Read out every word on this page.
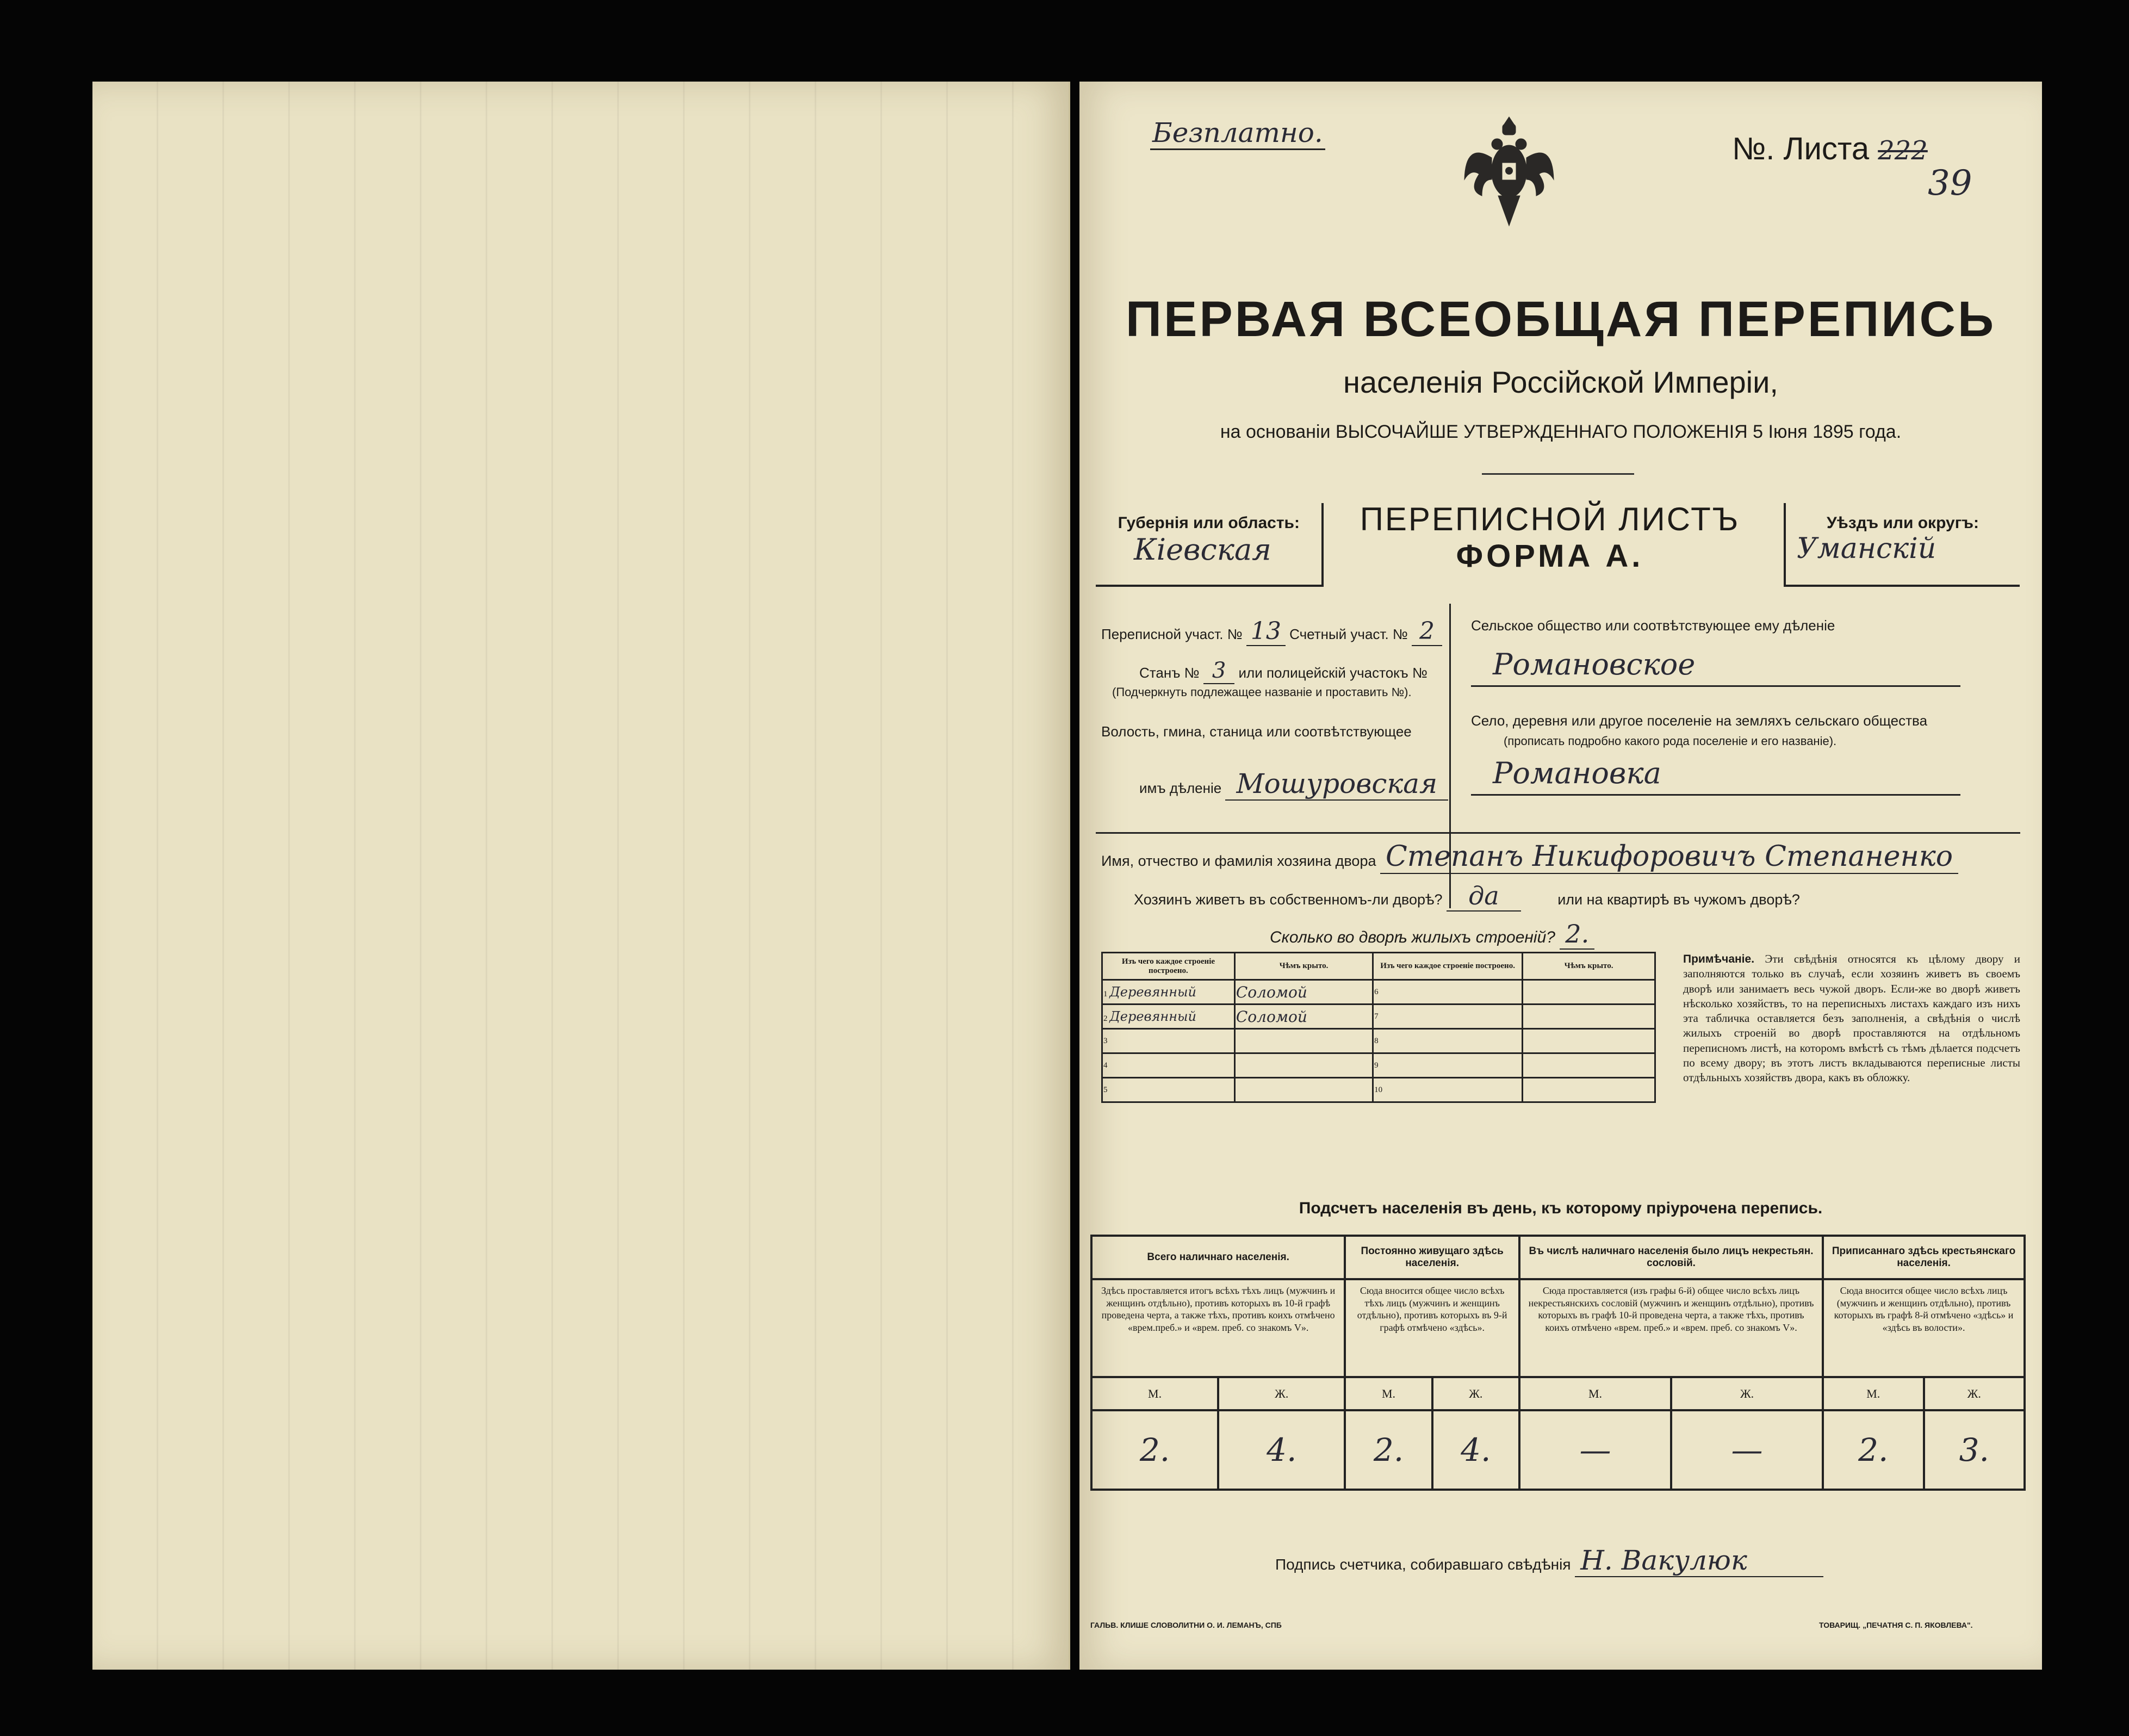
Безплатно.	№. Листа 222
39
ПЕРВАЯ ВСЕОБЩАЯ ПЕРЕПИСЬ
населенія Россійской Имперіи,
на основаніи ВЫСОЧАЙШЕ УТВЕРЖДЕННАГО ПОЛОЖЕНІЯ 5 Іюня 1895 года.
Губернія или область:
Кіевская
ПЕРЕПИСНОЙ ЛИСТЪ
ФОРМА А.
Уѣздъ или округъ:
Уманскій
Переписной участ. № 13 Счетный участ. № 2
Станъ № 3 или полицейскій участокъ №
(Подчеркнуть подлежащее названіе и проставить №).
Волость, гмина, станица или соотвѣтствующее
имъ дѣленіе Мошуровская
Сельское общество или соотвѣтствующее ему дѣленіе
Романовское
Село, деревня или другое поселеніе на земляхъ сельскаго общества
(прописать подробно какого рода поселеніе и его названіе).
Романовка
Имя, отчество и фамилія хозяина двора Степанъ Никифоровичъ Степаненко
Хозяинъ живетъ въ собственномъ-ли дворѣ? да	или на квартирѣ въ чужомъ дворѣ?
Сколько во дворѣ жилыхъ строеній? 2.
Изъ чего каждое строеніе построено.	Чѣмъ крыто.	Изъ чего каждое строеніе построено.	Чѣмъ крыто.
1 Деревянный	Соломой	6	
2 Деревянный	Соломой	7	
3		8	
4		9	
5		10	
Примѣчаніе. Эти свѣдѣнія относятся къ цѣлому двору и заполняются только въ случаѣ, если хозяинъ живетъ въ своемъ дворѣ или занимаетъ весь чужой дворъ. Если-же во дворѣ живетъ нѣсколько хозяйствъ, то на переписныхъ листахъ каждаго изъ нихъ эта табличка оставляется безъ заполненія, а свѣдѣнія о числѣ жилыхъ строеній во дворѣ проставляются на отдѣльномъ переписномъ листѣ, на которомъ вмѣстѣ съ тѣмъ дѣлается подсчетъ по всему двору; въ этотъ листъ вкладываются переписные листы отдѣльныхъ хозяйствъ двора, какъ въ обложку.
Подсчетъ населенія въ день, къ которому пріурочена перепись.
Всего наличнаго населенія.		Постоянно живущаго здѣсь населенія.		Въ числѣ наличнаго населенія было лицъ некрестьян. сословій.		Приписаннаго здѣсь крестьянскаго населенія.	
Здѣсь проставляется итогъ всѣхъ тѣхъ лицъ (мужчинъ и женщинъ отдѣльно), противъ которыхъ въ 10-й графѣ проведена черта, а также тѣхъ, противъ коихъ отмѣчено «врем.преб.» и «врем. преб. со знакомъ V».		Сюда вносится общее число всѣхъ тѣхъ лицъ (мужчинъ и женщинъ отдѣльно), противъ которыхъ въ 9-й графѣ отмѣчено «здѣсь».		Сюда проставляется (изъ графы 6-й) общее число всѣхъ лицъ некрестьянскихъ сословій (мужчинъ и женщинъ отдѣльно), противъ которыхъ въ графѣ 10-й проведена черта, а также тѣхъ, противъ коихъ отмѣчено «врем. преб.» и «врем. преб. со знакомъ V».		Сюда вносится общее число всѣхъ лицъ (мужчинъ и женщинъ отдѣльно), противъ которыхъ въ графѣ 8-й отмѣчено «здѣсь» и «здѣсь въ волости».	
М.	Ж.	М.	Ж.	М.	Ж.	М.	Ж.
2.	4.	2.	4.	—	—	2.	3.
Подпись счетчика, собиравшаго свѣдѣнія Н. Вакулюк
ГАЛЬВ. КЛИШЕ СЛОВОЛИТНИ О. И. ЛЕМАНЪ, СПБ	ТОВАРИЩ. „ПЕЧАТНЯ С. П. ЯКОВЛЕВА".
